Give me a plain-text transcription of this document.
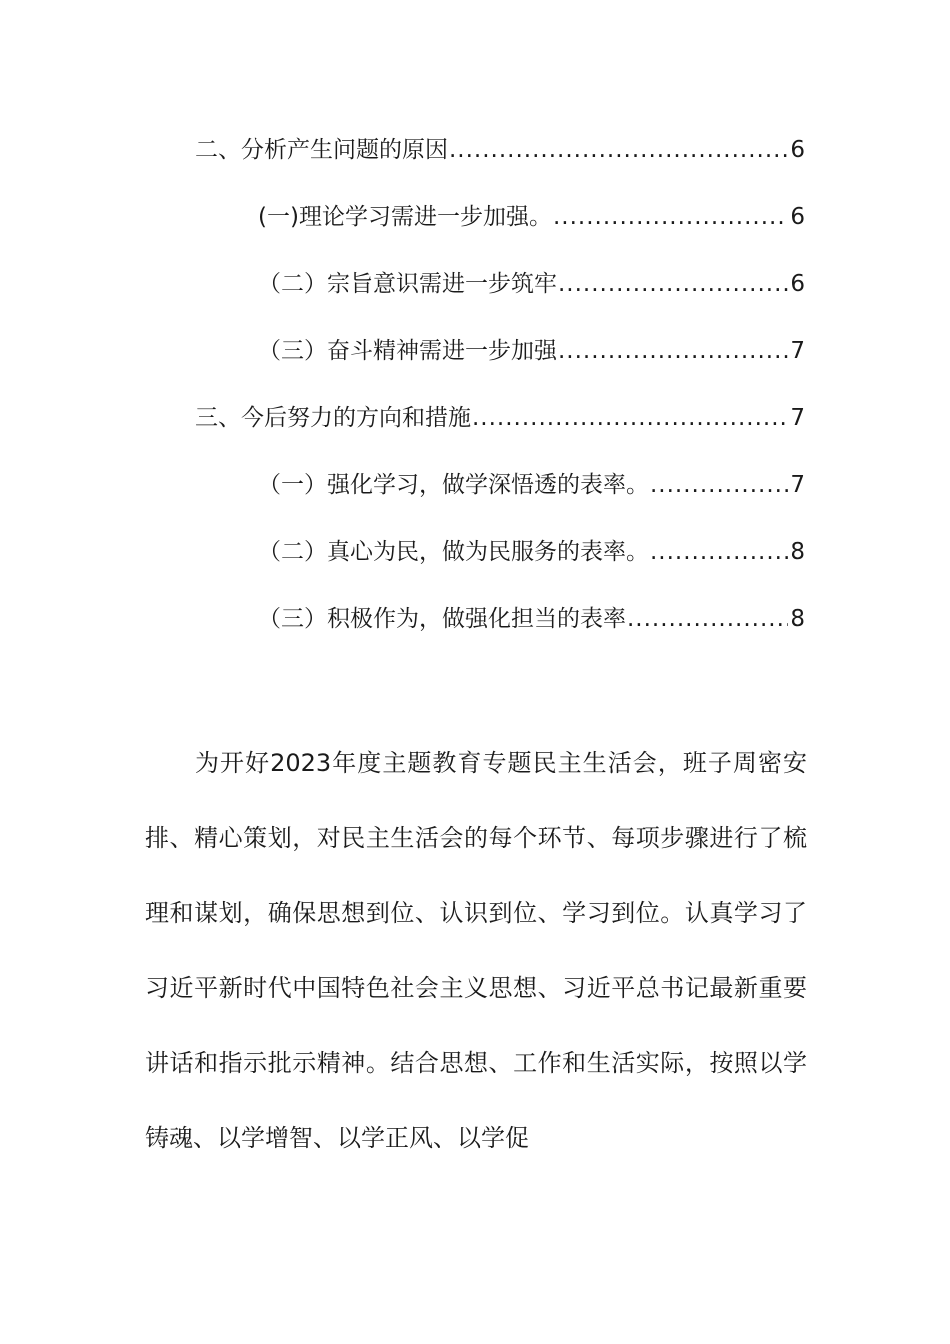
二、分析产生问题的原因 .....	6
(一)理论学习需进一步加强。 .....	6
（二）宗旨意识需进一步筑牢 .....	6
（三）奋斗精神需进一步加强 .....	7
三、今后努力的方向和措施 .....	7
（一）强化学习，做学深悟透的表率。 .....	7
（二）真心为民，做为民服务的表率。 .....	8
（三）积极作为，做强化担当的表率 .....	8

为开好2023年度主题教育专题民主生活会，班子周密安排、精心策划，对民主生活会的每个环节、每项步骤进行了梳理和谋划，确保思想到位、认识到位、学习到位。认真学习了习近平新时代中国特色社会主义思想、习近平总书记最新重要讲话和指示批示精神。结合思想、工作和生活实际，按照以学铸魂、以学增智、以学正风、以学促
